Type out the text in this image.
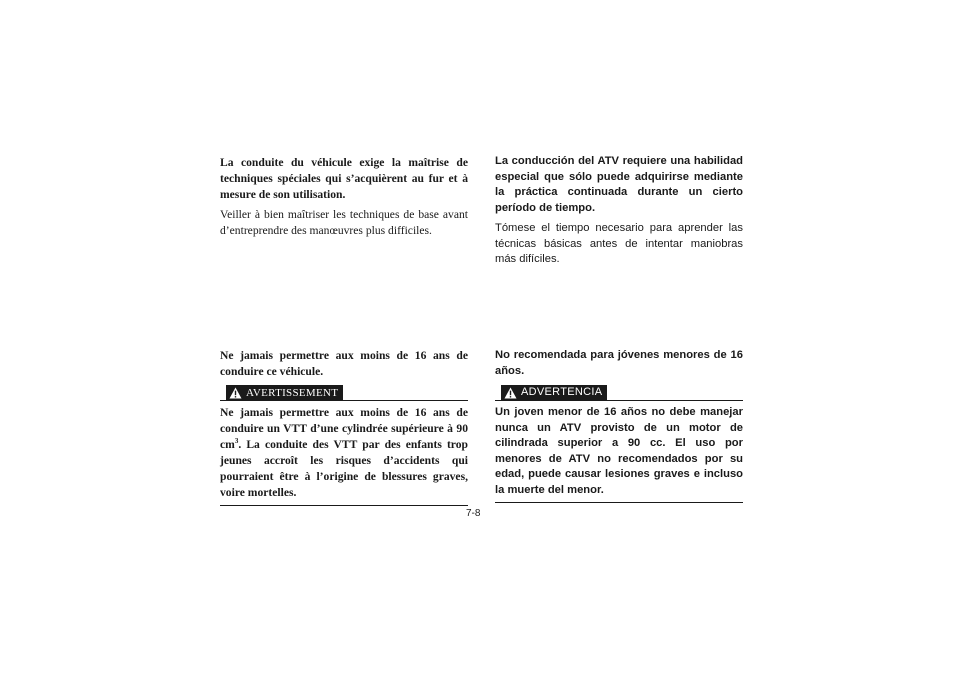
La conduite du véhicule exige la maîtrise de techniques spéciales qui s’acquièrent au fur et à mesure de son utilisation.

Veiller à bien maîtriser les techniques de base avant d’entreprendre des manœuvres plus difficiles.

La conducción del ATV requiere una habilidad especial que sólo puede adquirirse mediante la práctica continuada durante un cierto período de tiempo.

Tómese el tiempo necesario para aprender las técnicas básicas antes de intentar maniobras más difíciles.

Ne jamais permettre aux moins de 16 ans de conduire ce véhicule.

AVERTISSEMENT

Ne jamais permettre aux moins de 16 ans de conduire un VTT d’une cylindrée supérieure à 90 $cm^3$. La conduite des VTT par des enfants trop jeunes accroît les risques d’accidents qui pourraient être à l’origine de blessures graves, voire mortelles.

No recomendada para jóvenes menores de 16 años.

ADVERTENCIA

Un joven menor de 16 años no debe manejar nunca un ATV provisto de un motor de cilindrada superior a 90 cc. El uso por menores de ATV no recomendados por su edad, puede causar lesiones graves e incluso la muerte del menor.

7-8
